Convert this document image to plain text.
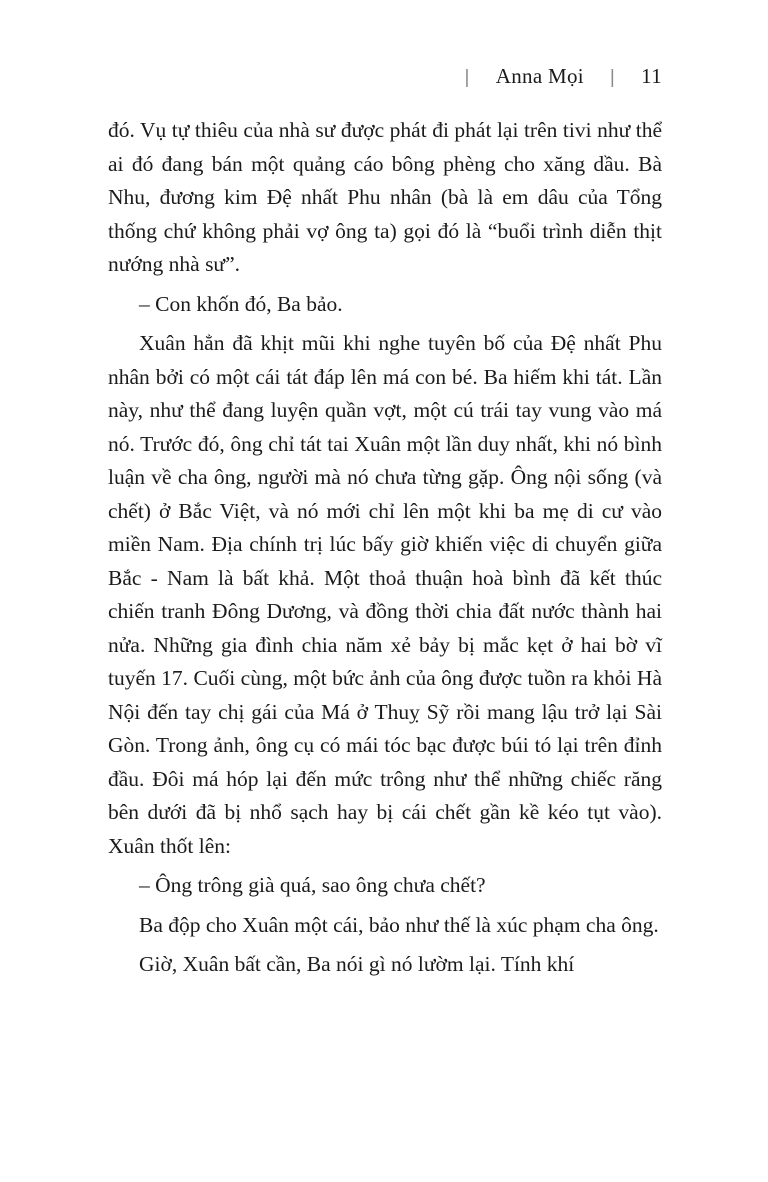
|	Anna Mọi	|	11

đó. Vụ tự thiêu của nhà sư được phát đi phát lại trên tivi như thể ai đó đang bán một quảng cáo bông phèng cho xăng dầu. Bà Nhu, đương kim Đệ nhất Phu nhân (bà là em dâu của Tổng thống chứ không phải vợ ông ta) gọi đó là “buổi trình diễn thịt nướng nhà sư”.

– Con khốn đó, Ba bảo.

Xuân hẳn đã khịt mũi khi nghe tuyên bố của Đệ nhất Phu nhân bởi có một cái tát đáp lên má con bé. Ba hiếm khi tát. Lần này, như thể đang luyện quần vợt, một cú trái tay vung vào má nó. Trước đó, ông chỉ tát tai Xuân một lần duy nhất, khi nó bình luận về cha ông, người mà nó chưa từng gặp. Ông nội sống (và chết) ở Bắc Việt, và nó mới chỉ lên một khi ba mẹ di cư vào miền Nam. Địa chính trị lúc bấy giờ khiến việc di chuyển giữa Bắc - Nam là bất khả. Một thoả thuận hoà bình đã kết thúc chiến tranh Đông Dương, và đồng thời chia đất nước thành hai nửa. Những gia đình chia năm xẻ bảy bị mắc kẹt ở hai bờ vĩ tuyến 17. Cuối cùng, một bức ảnh của ông được tuồn ra khỏi Hà Nội đến tay chị gái của Má ở Thuỵ Sỹ rồi mang lậu trở lại Sài Gòn. Trong ảnh, ông cụ có mái tóc bạc được búi tó lại trên đỉnh đầu. Đôi má hóp lại đến mức trông như thể những chiếc răng bên dưới đã bị nhổ sạch hay bị cái chết gần kề kéo tụt vào). Xuân thốt lên:

– Ông trông già quá, sao ông chưa chết?

Ba độp cho Xuân một cái, bảo như thế là xúc phạm cha ông.

Giờ, Xuân bất cần, Ba nói gì nó lườm lại. Tính khí
